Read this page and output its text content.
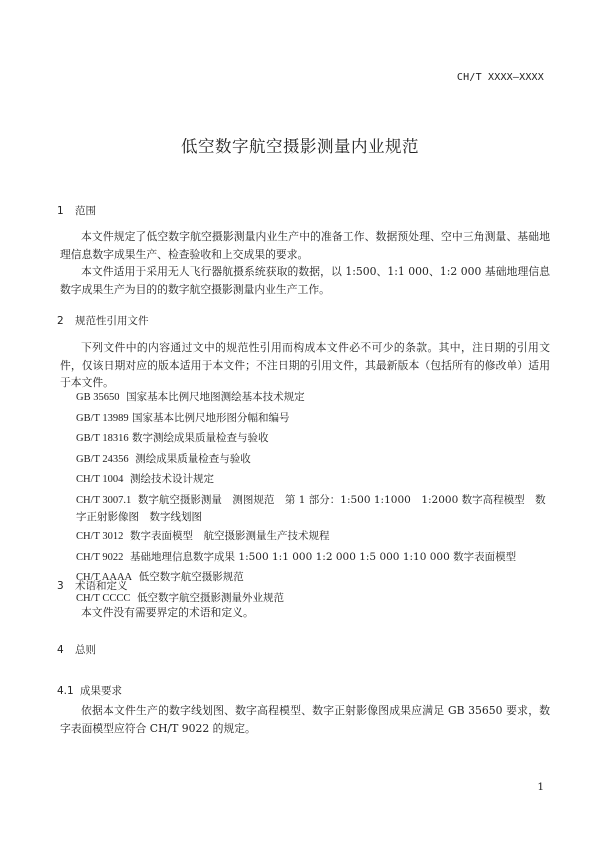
CH/T XXXX—XXXX
低空数字航空摄影测量内业规范
1 范围
本文件规定了低空数字航空摄影测量内业生产中的准备工作、数据预处理、空中三角测量、基础地理信息数字成果生产、检查验收和上交成果的要求。
本文件适用于采用无人飞行器航摄系统获取的数据，以 1:500、1:1 000、1:2 000 基础地理信息数字成果生产为目的的数字航空摄影测量内业生产工作。
2 规范性引用文件
下列文件中的内容通过文中的规范性引用而构成本文件必不可少的条款。其中，注日期的引用文件，仅该日期对应的版本适用于本文件；不注日期的引用文件，其最新版本（包括所有的修改单）适用于本文件。
GB 35650 国家基本比例尺地图测绘基本技术规定
GB/T 13989 国家基本比例尺地形图分幅和编号
GB/T 18316 数字测绘成果质量检查与验收
GB/T 24356 测绘成果质量检查与验收
CH/T 1004 测绘技术设计规定
CH/T 3007.1 数字航空摄影测量　测图规范　第 1 部分：1:500 1:1000　1:2000 数字高程模型　数字正射影像图　数字线划图
CH/T 3012 数字表面模型　航空摄影测量生产技术规程
CH/T 9022 基础地理信息数字成果 1:500 1:1 000 1:2 000 1:5 000 1:10 000 数字表面模型
CH/T AAAA 低空数字航空摄影规范
CH/T CCCC 低空数字航空摄影测量外业规范
3 术语和定义
本文件没有需要界定的术语和定义。
4 总则
4.1 成果要求
依据本文件生产的数字线划图、数字高程模型、数字正射影像图成果应满足 GB 35650 要求，数字表面模型应符合 CH/T 9022 的规定。
1
